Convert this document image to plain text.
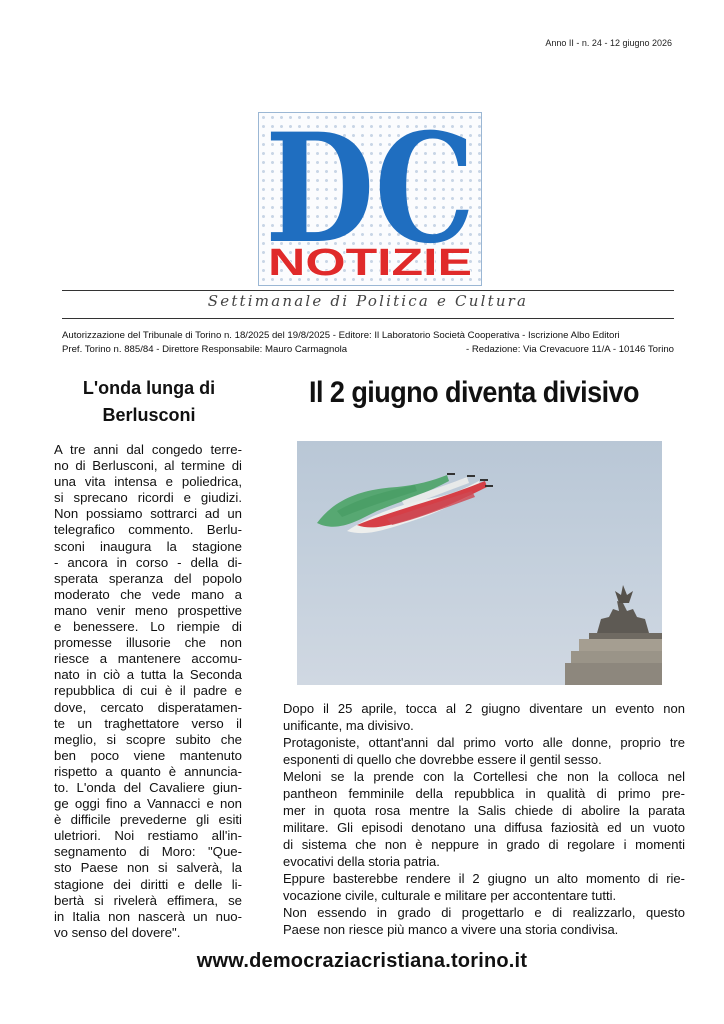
Anno II - n. 24 - 12 giugno 2026
DC
NOTIZIE
Settimanale di Politica e Cultura
Autorizzazione del Tribunale di Torino n. 18/2025 del 19/8/2025 - Editore: Il Laboratorio Società Cooperativa - Iscrizione Albo Editori
Pref. Torino n. 885/84 - Direttore Responsabile: Mauro Carmagnola	- Redazione: Via Crevacuore 11/A - 10146 Torino
L'onda lunga di
Berlusconi
A tre anni dal congedo terre-
no di Berlusconi, al termine di
una vita intensa e poliedrica,
si sprecano ricordi e giudizi.
Non possiamo sottrarci ad un
telegrafico commento. Berlu-
sconi inaugura la stagione
- ancora in corso - della di-
sperata speranza del popolo
moderato che vede mano a
mano venir meno prospettive
e benessere. Lo riempie di
promesse illusorie che non
riesce a mantenere accomu-
nato in ciò a tutta la Seconda
repubblica di cui è il padre e
dove, cercato disperatamen-
te un traghettatore verso il
meglio, si scopre subito che
ben poco viene mantenuto
rispetto a quanto è annuncia-
to. L'onda del Cavaliere giun-
ge oggi fino a Vannacci e non
è difficile prevederne gli esiti
uletriori. Noi restiamo all'in-
segnamento di Moro: "Que-
sto Paese non si salverà, la
stagione dei diritti e delle li-
bertà si rivelerà effimera, se
in Italia non nascerà un nuo-
vo senso del dovere".
Il 2 giugno diventa divisivo
Dopo il 25 aprile, tocca al 2 giugno diventare un evento non
unificante, ma divisivo.
Protagoniste, ottant'anni dal primo vorto alle donne, proprio tre
esponenti di quello che dovrebbe essere il gentil sesso.
Meloni se la prende con la Cortellesi che non la colloca nel
pantheon femminile della repubblica in qualità di primo pre-
mer in quota rosa mentre la Salis chiede di abolire la parata
militare. Gli episodi denotano una diffusa faziosità ed un vuoto
di sistema che non è neppure in grado di regolare i momenti
evocativi della storia patria.
Eppure basterebbe rendere il 2 giugno un alto momento di rie-
vocazione civile, culturale e militare per accontentare tutti.
Non essendo in grado di progettarlo e di realizzarlo, questo
Paese non riesce più manco a vivere una storia condivisa.
www.democraziacristiana.torino.it
